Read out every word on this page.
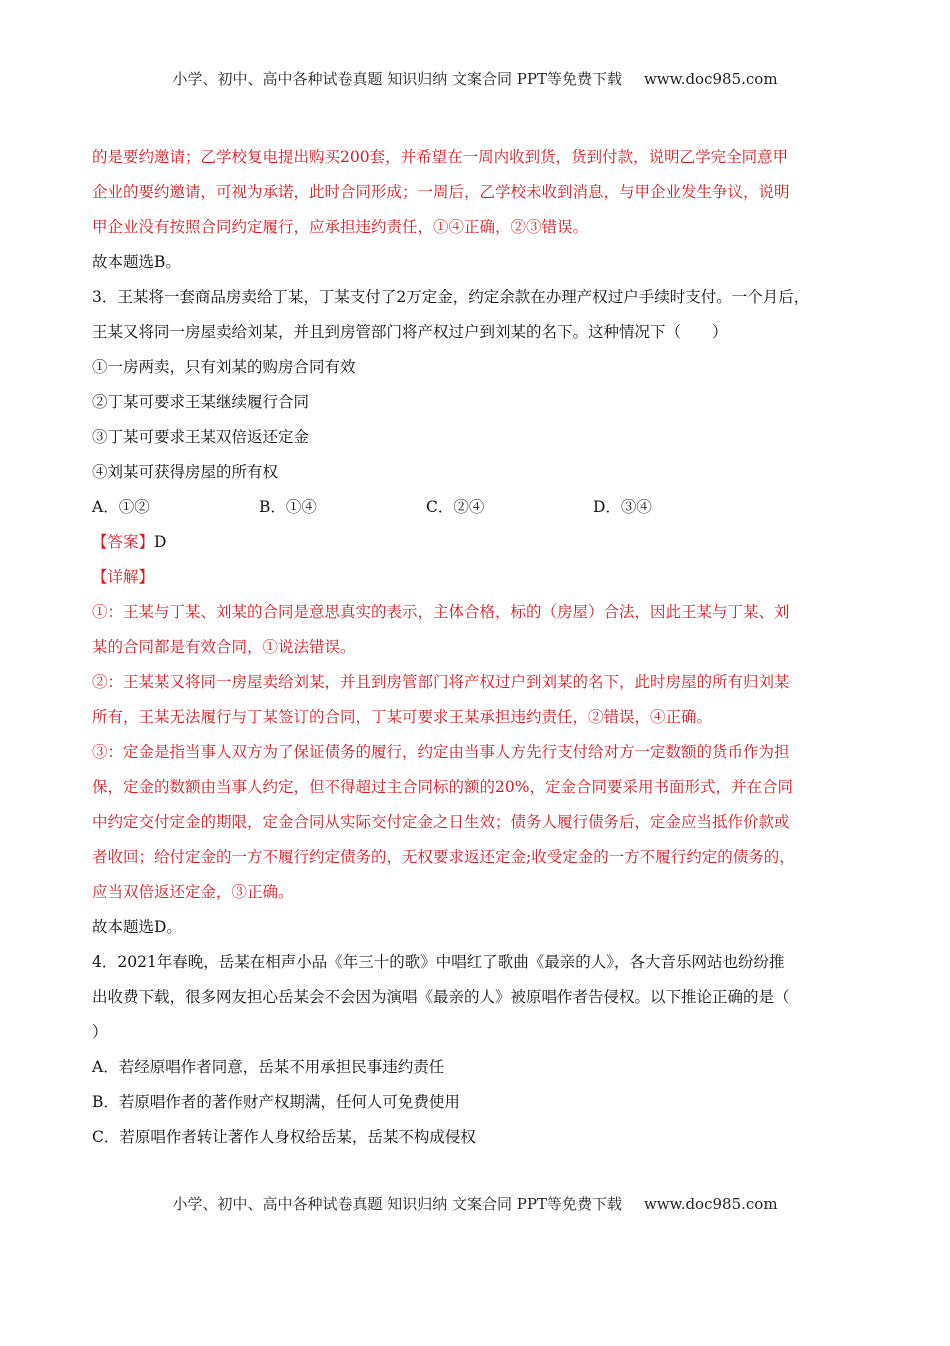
小学、初中、高中各种试卷真题 知识归纳 文案合同 PPT等免费下载 www.doc985.com
的是要约邀请；乙学校复电提出购买200套，并希望在一周内收到货，货到付款，说明乙学完全同意甲
企业的要约邀请，可视为承诺，此时合同形成；一周后，乙学校未收到消息，与甲企业发生争议，说明
甲企业没有按照合同约定履行，应承担违约责任，①④正确，②③错误。
故本题选B。
3．王某将一套商品房卖给丁某，丁某支付了2万定金，约定余款在办理产权过户手续时支付。一个月后，
王某又将同一房屋卖给刘某，并且到房管部门将产权过户到刘某的名下。这种情况下（　　）
①一房两卖，只有刘某的购房合同有效
②丁某可要求王某继续履行合同
③丁某可要求王某双倍返还定金
④刘某可获得房屋的所有权
A．①②	B．①④	C．②④	D．③④
【答案】D
【详解】
①：王某与丁某、刘某的合同是意思真实的表示，主体合格，标的（房屋）合法，因此王某与丁某、刘
某的合同都是有效合同，①说法错误。
②：王某某又将同一房屋卖给刘某，并且到房管部门将产权过户到刘某的名下，此时房屋的所有归刘某
所有，王某无法履行与丁某签订的合同，丁某可要求王某承担违约责任，②错误，④正确。
③：定金是指当事人双方为了保证债务的履行，约定由当事人方先行支付给对方一定数额的货币作为担
保，定金的数额由当事人约定，但不得超过主合同标的额的20%，定金合同要采用书面形式，并在合同
中约定交付定金的期限，定金合同从实际交付定金之日生效；债务人履行债务后，定金应当抵作价款或
者收回；给付定金的一方不履行约定债务的，无权要求返还定金;收受定金的一方不履行约定的债务的，
应当双倍返还定金，③正确。
故本题选D。
4．2021年春晚，岳某在相声小品《年三十的歌》中唱红了歌曲《最亲的人》，各大音乐网站也纷纷推
出收费下载，很多网友担心岳某会不会因为演唱《最亲的人》被原唱作者告侵权。以下推论正确的是（
）
A．若经原唱作者同意，岳某不用承担民事违约责任
B．若原唱作者的著作财产权期满，任何人可免费使用
C．若原唱作者转让著作人身权给岳某，岳某不构成侵权
小学、初中、高中各种试卷真题 知识归纳 文案合同 PPT等免费下载 www.doc985.com
